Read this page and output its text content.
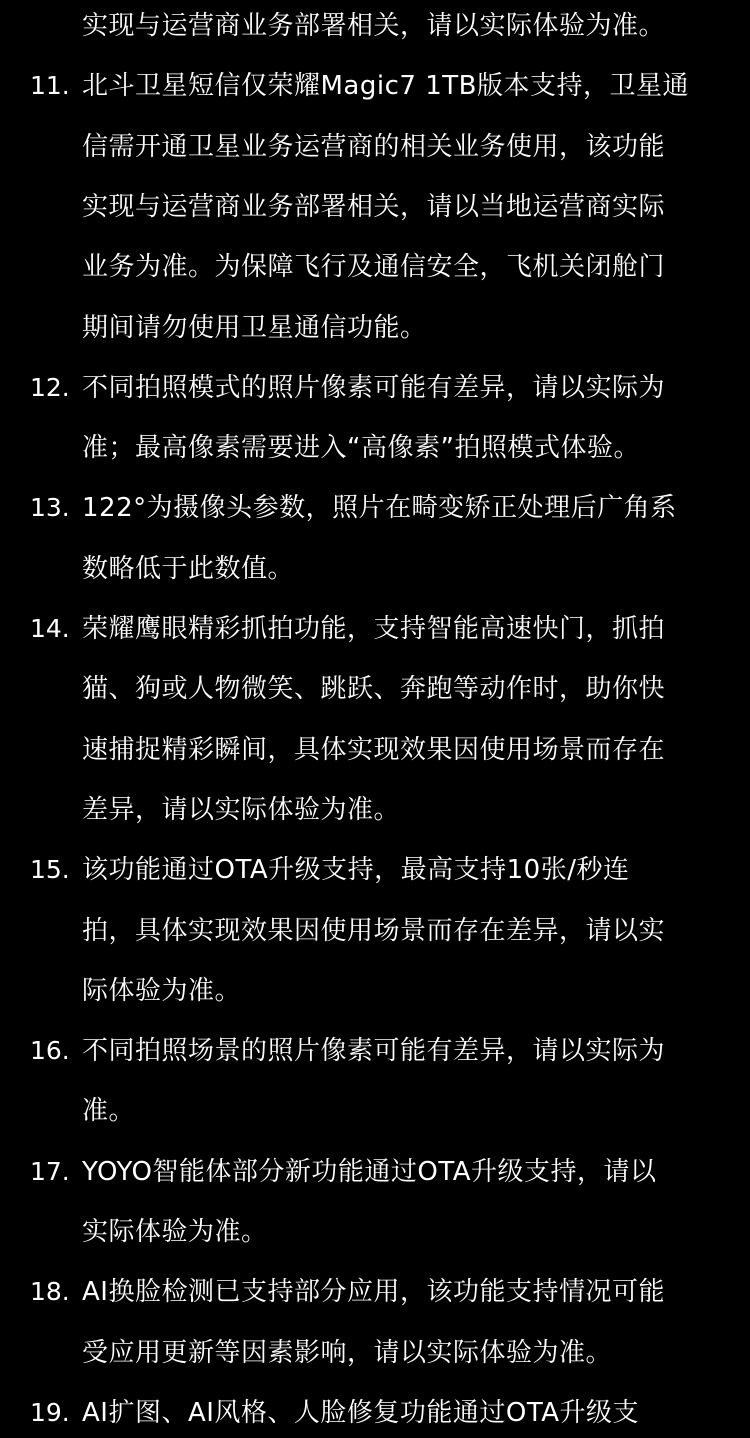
实现与运营商业务部署相关，请以实际体验为准。
11. 北斗卫星短信仅荣耀Magic7 1TB版本支持，卫星通
信需开通卫星业务运营商的相关业务使用，该功能
实现与运营商业务部署相关，请以当地运营商实际
业务为准。为保障飞行及通信安全，飞机关闭舱门
期间请勿使用卫星通信功能。
12. 不同拍照模式的照片像素可能有差异，请以实际为
准；最高像素需要进入“高像素”拍照模式体验。
13. 122°为摄像头参数，照片在畸变矫正处理后广角系
数略低于此数值。
14. 荣耀鹰眼精彩抓拍功能，支持智能高速快门，抓拍
猫、狗或人物微笑、跳跃、奔跑等动作时，助你快
速捕捉精彩瞬间，具体实现效果因使用场景而存在
差异，请以实际体验为准。
15. 该功能通过OTA升级支持，最高支持10张/秒连
拍，具体实现效果因使用场景而存在差异，请以实
际体验为准。
16. 不同拍照场景的照片像素可能有差异，请以实际为
准。
17. YOYO智能体部分新功能通过OTA升级支持，请以
实际体验为准。
18. AI换脸检测已支持部分应用，该功能支持情况可能
受应用更新等因素影响，请以实际体验为准。
19. AI扩图、AI风格、人脸修复功能通过OTA升级支
